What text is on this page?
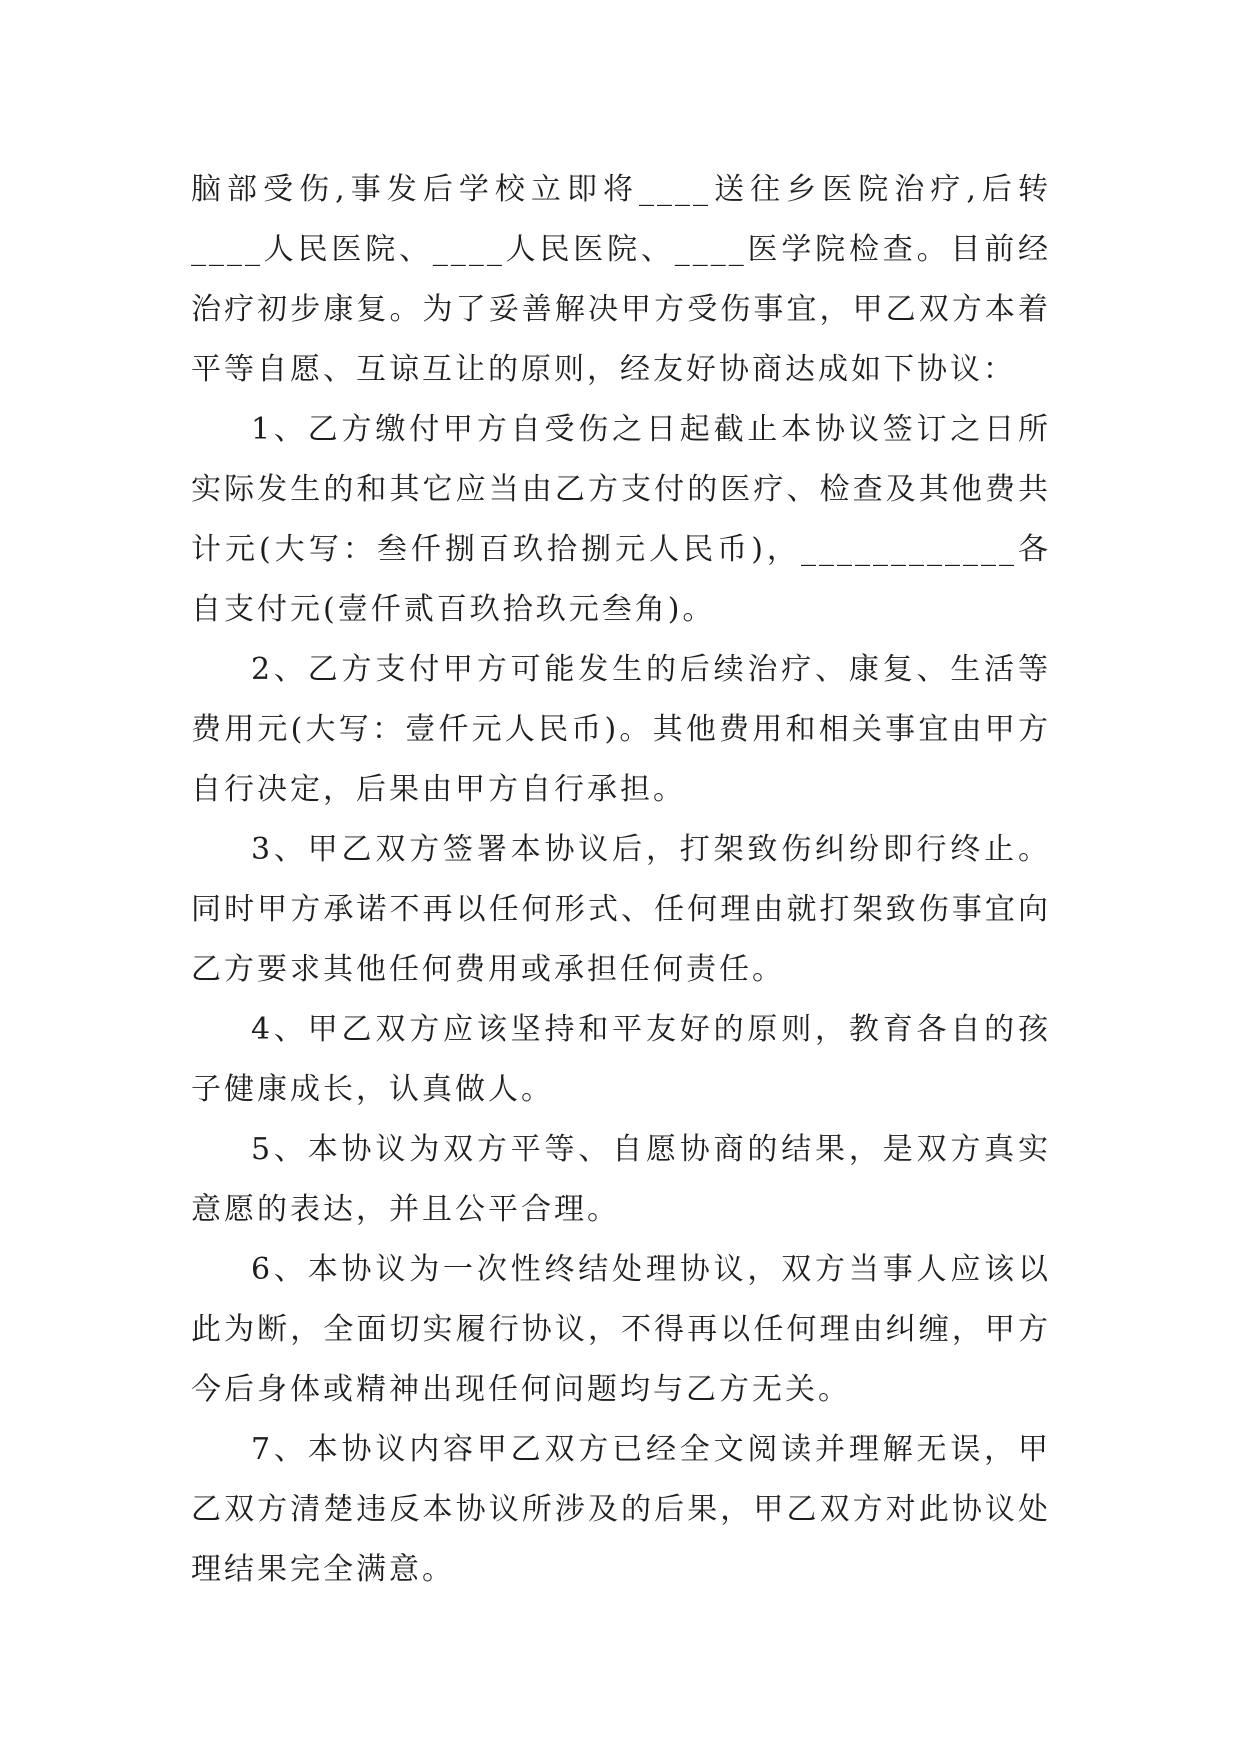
脑部受伤,事发后学校立即将____送往乡医院治疗,后转____人民医院、____人民医院、____医学院检查。目前经治疗初步康复。为了妥善解决甲方受伤事宜，甲乙双方本着平等自愿、互谅互让的原则，经友好协商达成如下协议：

1、乙方缴付甲方自受伤之日起截止本协议签订之日所实际发生的和其它应当由乙方支付的医疗、检查及其他费共计元(大写：叁仟捌百玖拾捌元人民币)，____________各自支付元(壹仟贰百玖拾玖元叁角)。

2、乙方支付甲方可能发生的后续治疗、康复、生活等费用元(大写：壹仟元人民币)。其他费用和相关事宜由甲方自行决定，后果由甲方自行承担。

3、甲乙双方签署本协议后，打架致伤纠纷即行终止。同时甲方承诺不再以任何形式、任何理由就打架致伤事宜向乙方要求其他任何费用或承担任何责任。

4、甲乙双方应该坚持和平友好的原则，教育各自的孩子健康成长，认真做人。

5、本协议为双方平等、自愿协商的结果，是双方真实意愿的表达，并且公平合理。

6、本协议为一次性终结处理协议，双方当事人应该以此为断，全面切实履行协议，不得再以任何理由纠缠，甲方今后身体或精神出现任何问题均与乙方无关。

7、本协议内容甲乙双方已经全文阅读并理解无误，甲乙双方清楚违反本协议所涉及的后果，甲乙双方对此协议处理结果完全满意。
